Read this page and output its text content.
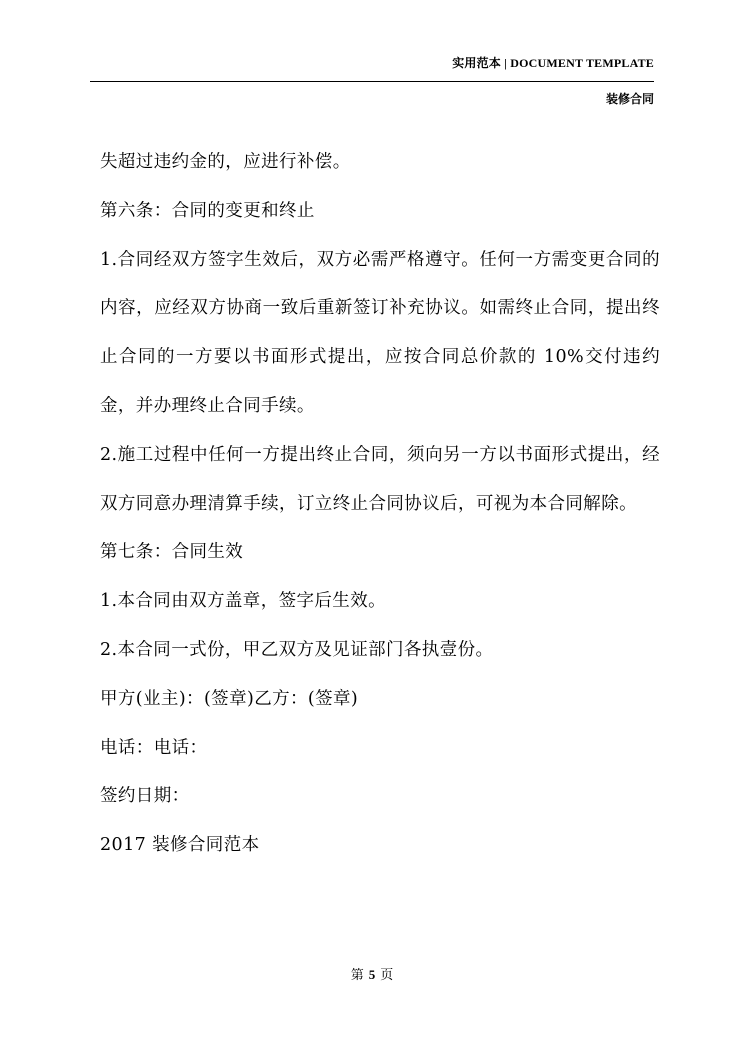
实用范本 | DOCUMENT TEMPLATE
装修合同

失超过违约金的，应进行补偿。

第六条：合同的变更和终止

1.合同经双方签字生效后，双方必需严格遵守。任何一方需变更合同的内容，应经双方协商一致后重新签订补充协议。如需终止合同，提出终止合同的一方要以书面形式提出，应按合同总价款的 10%交付违约金，并办理终止合同手续。

2.施工过程中任何一方提出终止合同，须向另一方以书面形式提出，经双方同意办理清算手续，订立终止合同协议后，可视为本合同解除。

第七条：合同生效

1.本合同由双方盖章，签字后生效。

2.本合同一式份，甲乙双方及见证部门各执壹份。

甲方(业主)：(签章)乙方：(签章)

电话：电话：

签约日期：

2017 装修合同范本

第 5 页
